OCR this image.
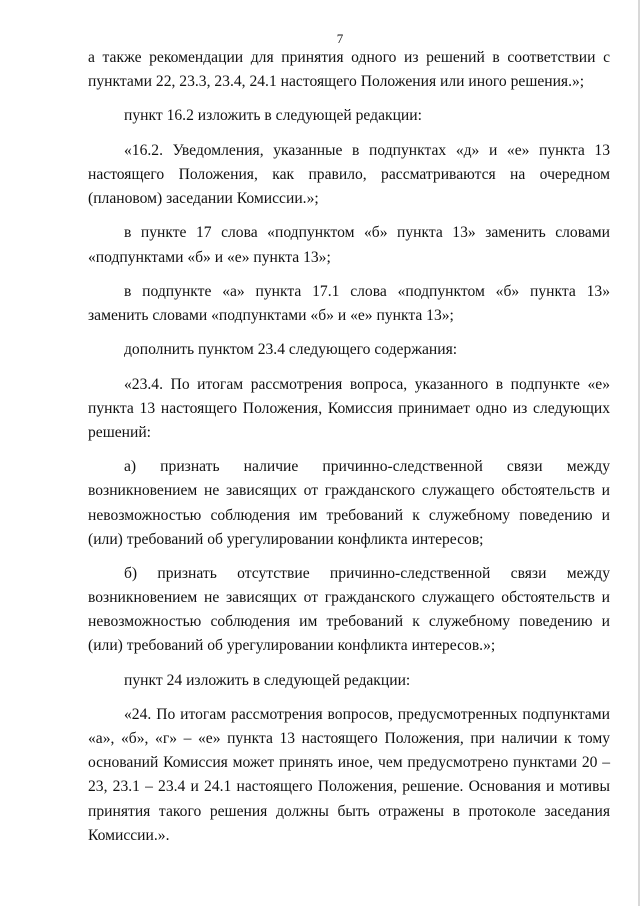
7

а также рекомендации для принятия одного из решений в соответствии с пунктами 22, 23.3, 23.4, 24.1 настоящего Положения или иного решения.»;

пункт 16.2 изложить в следующей редакции:

«16.2. Уведомления, указанные в подпунктах «д» и «е» пункта 13 настоящего Положения, как правило, рассматриваются на очередном (плановом) заседании Комиссии.»;

в пункте 17 слова «подпунктом «б» пункта 13» заменить словами «подпунктами «б» и «е» пункта 13»;

в подпункте «а» пункта 17.1 слова «подпунктом «б» пункта 13» заменить словами «подпунктами «б» и «е» пункта 13»;

дополнить пунктом 23.4 следующего содержания:

«23.4. По итогам рассмотрения вопроса, указанного в подпункте «е» пункта 13 настоящего Положения, Комиссия принимает одно из следующих решений:

а) признать наличие причинно-следственной связи между возникновением не зависящих от гражданского служащего обстоятельств и невозможностью соблюдения им требований к служебному поведению и (или) требований об урегулировании конфликта интересов;

б) признать отсутствие причинно-следственной связи между возникновением не зависящих от гражданского служащего обстоятельств и невозможностью соблюдения им требований к служебному поведению и (или) требований об урегулировании конфликта интересов.»;

пункт 24 изложить в следующей редакции:

«24. По итогам рассмотрения вопросов, предусмотренных подпунктами «а», «б», «г» – «е» пункта 13 настоящего Положения, при наличии к тому оснований Комиссия может принять иное, чем предусмотрено пунктами 20 – 23, 23.1 – 23.4 и 24.1 настоящего Положения, решение. Основания и мотивы принятия такого решения должны быть отражены в протоколе заседания Комиссии.».
